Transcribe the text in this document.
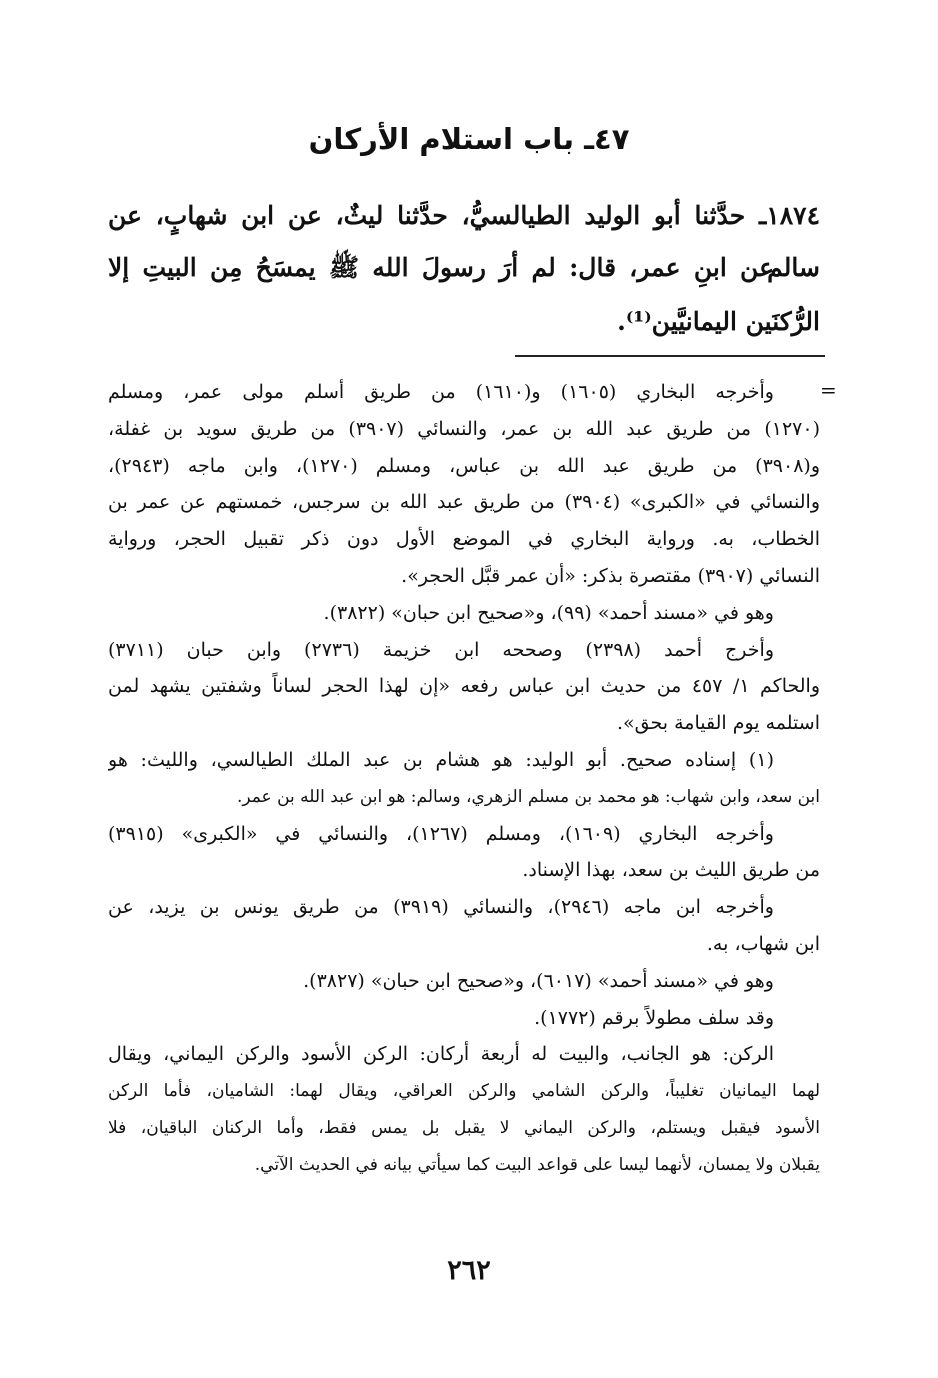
٤٧ـ باب استلام الأركان
١٨٧٤ـ حدَّثنا أبو الوليد الطيالسيُّ، حدَّثنا ليثٌ، عن ابن شهابٍ، عن سالم
عن ابنِ عمر، قال: لم أرَ رسولَ الله ﷺ يمسَحُ مِن البيتِ إلا
الرُّكنَين اليمانيَّين⁽¹⁾.
=
وأخرجه البخاري (١٦٠٥) و(١٦١٠) من طريق أسلم مولى عمر، ومسلم
(١٢٧٠) من طريق عبد الله بن عمر، والنسائي (٣٩٠٧) من طريق سويد بن غفلة،
و(٣٩٠٨) من طريق عبد الله بن عباس، ومسلم (١٢٧٠)، وابن ماجه (٢٩٤٣)،
والنسائي في «الكبرى» (٣٩٠٤) من طريق عبد الله بن سرجس، خمستهم عن عمر بن
الخطاب، به. ورواية البخاري في الموضع الأول دون ذكر تقبيل الحجر، ورواية
النسائي (٣٩٠٧) مقتصرة بذكر: «أن عمر قبَّل الحجر».
وهو في «مسند أحمد» (٩٩)، و«صحيح ابن حبان» (٣٨٢٢).
وأخرج أحمد (٢٣٩٨) وصححه ابن خزيمة (٢٧٣٦) وابن حبان (٣٧١١)
والحاكم ١/ ٤٥٧ من حديث ابن عباس رفعه «إن لهذا الحجر لساناً وشفتين يشهد لمن
استلمه يوم القيامة بحق».
(١) إسناده صحيح. أبو الوليد: هو هشام بن عبد الملك الطيالسي، والليث: هو
ابن سعد، وابن شهاب: هو محمد بن مسلم الزهري، وسالم: هو ابن عبد الله بن عمر.
وأخرجه البخاري (١٦٠٩)، ومسلم (١٢٦٧)، والنسائي في «الكبرى» (٣٩١٥)
من طريق الليث بن سعد، بهذا الإسناد.
وأخرجه ابن ماجه (٢٩٤٦)، والنسائي (٣٩١٩) من طريق يونس بن يزيد، عن
ابن شهاب، به.
وهو في «مسند أحمد» (٦٠١٧)، و«صحيح ابن حبان» (٣٨٢٧).
وقد سلف مطولاً برقم (١٧٧٢).
الركن: هو الجانب، والبيت له أربعة أركان: الركن الأسود والركن اليماني، ويقال
لهما اليمانيان تغليباً، والركن الشامي والركن العراقي، ويقال لهما: الشاميان، فأما الركن
الأسود فيقبل ويستلم، والركن اليماني لا يقبل بل يمس فقط، وأما الركنان الباقيان، فلا
يقبلان ولا يمسان، لأنهما ليسا على قواعد البيت كما سيأتي بيانه في الحديث الآتي.
٢٦٢
